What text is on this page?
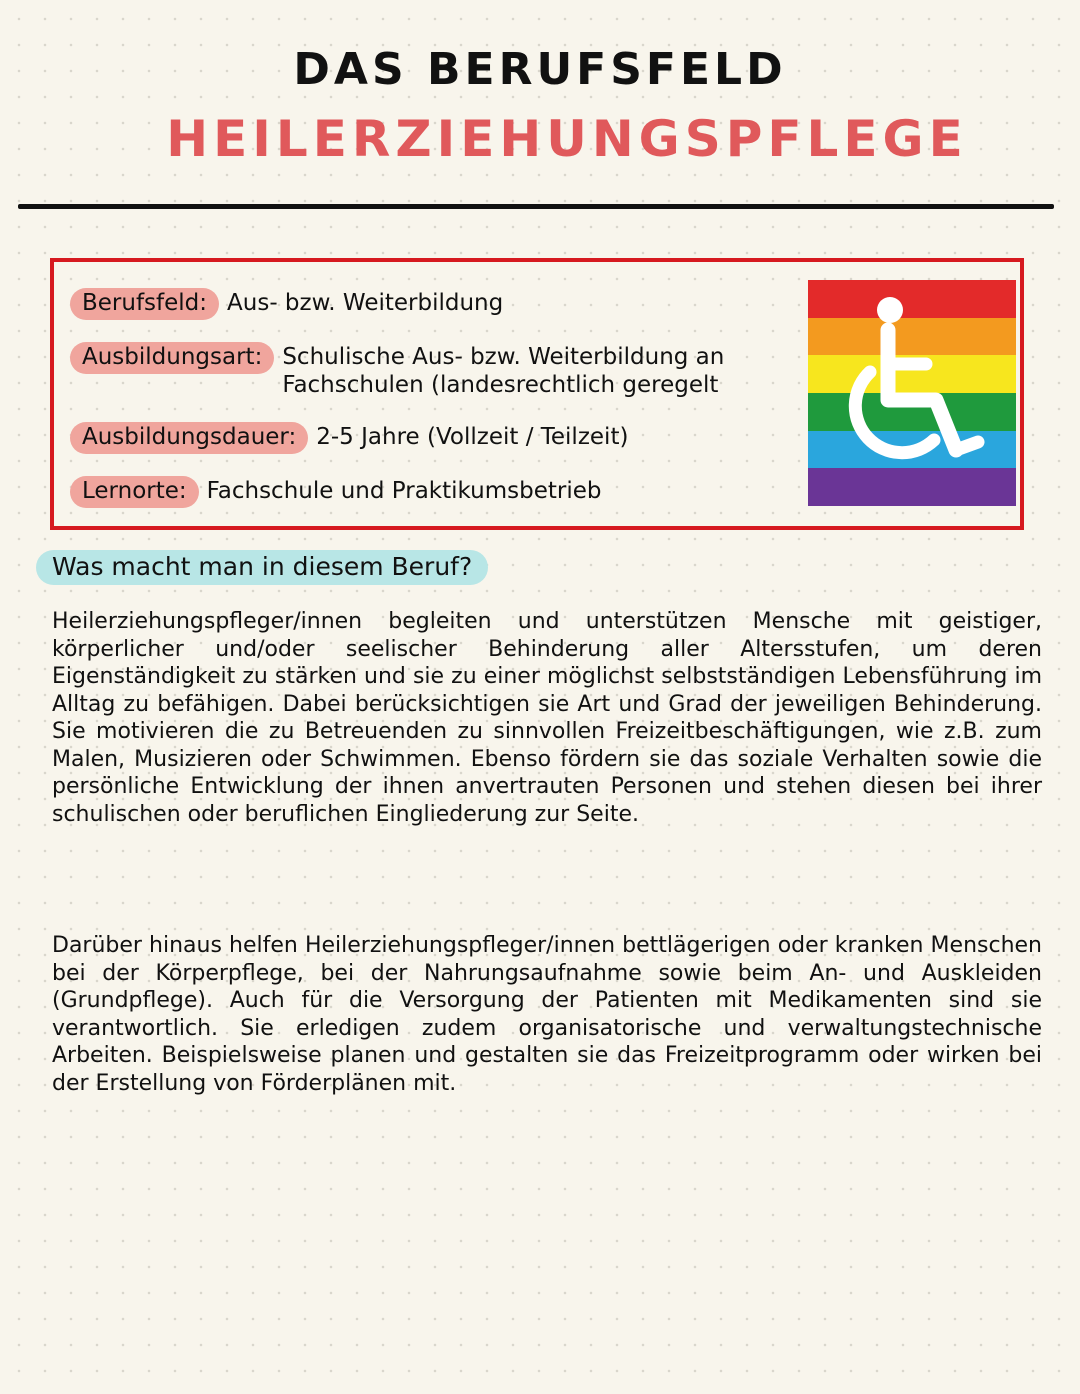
DAS BERUFSFELD
HEILERZIEHUNGSPFLEGE
Berufsfeld: Aus- bzw. Weiterbildung
Ausbildungsart: Schulische Aus- bzw. Weiterbildung an Fachschulen (landesrechtlich geregelt
Ausbildungsdauer: 2-5 Jahre (Vollzeit / Teilzeit)
Lernorte: Fachschule und Praktikumsbetrieb
Was macht man in diesem Beruf?
Heilerziehungspfleger/innen begleiten und unterstützen Mensche mit geistiger, körperlicher und/oder seelischer Behinderung aller Altersstufen, um deren Eigenständigkeit zu stärken und sie zu einer möglichst selbstständigen Lebensführung im Alltag zu befähigen. Dabei berücksichtigen sie Art und Grad der jeweiligen Behinderung. Sie motivieren die zu Betreuenden zu sinnvollen Freizeitbeschäftigungen, wie z.B. zum Malen, Musizieren oder Schwimmen. Ebenso fördern sie das soziale Verhalten sowie die persönliche Entwicklung der ihnen anvertrauten Personen und stehen diesen bei ihrer schulischen oder beruflichen Eingliederung zur Seite.
Darüber hinaus helfen Heilerziehungspfleger/innen bettlägerigen oder kranken Menschen bei der Körperpflege, bei der Nahrungsaufnahme sowie beim An- und Auskleiden (Grundpflege). Auch für die Versorgung der Patienten mit Medikamenten sind sie verantwortlich. Sie erledigen zudem organisatorische und verwaltungstechnische Arbeiten. Beispielsweise planen und gestalten sie das Freizeitprogramm oder wirken bei der Erstellung von Förderplänen mit.
